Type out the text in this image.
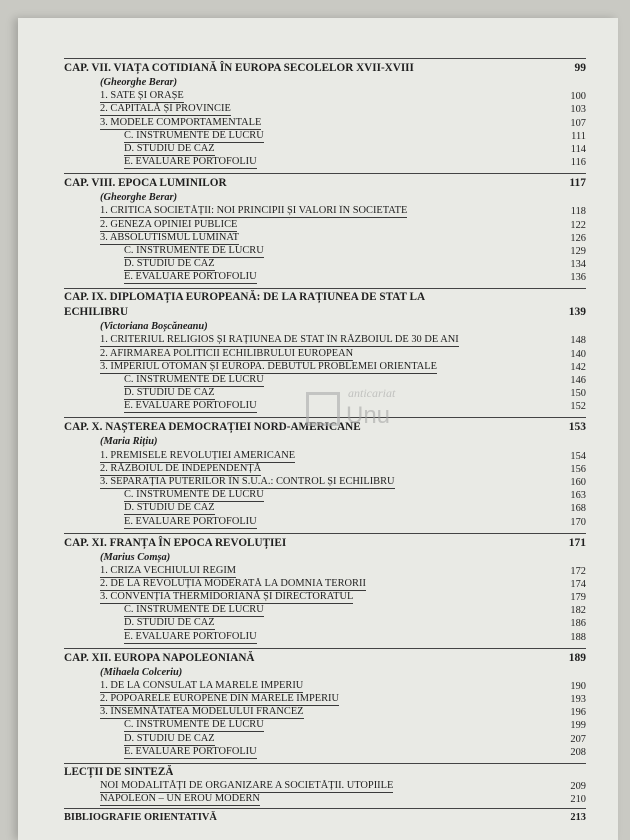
CAP. VII. VIAȚA COTIDIANĂ ÎN EUROPA SECOLELOR XVII-XVIII	99
(Gheorghe Berar)
1. SATE ȘI ORAȘE	100
2. CAPITALĂ ȘI PROVINCIE	103
3. MODELE COMPORTAMENTALE	107
C. INSTRUMENTE DE LUCRU	111
D. STUDIU DE CAZ	114
E. EVALUARE PORTOFOLIU	116
CAP. VIII. EPOCA LUMINILOR	117
(Gheorghe Berar)
1. CRITICA SOCIETĂȚII: NOI PRINCIPII ȘI VALORI ÎN SOCIETATE	118
2. GENEZA OPINIEI PUBLICE	122
3. ABSOLUTISMUL LUMINAT	126
C. INSTRUMENTE DE LUCRU	129
D. STUDIU DE CAZ	134
E. EVALUARE PORTOFOLIU	136
CAP. IX. DIPLOMAȚIA EUROPEANĂ: DE LA RAȚIUNEA DE STAT LA
ECHILIBRU	139
(Victoriana Boșcăneanu)
1. CRITERIUL RELIGIOS ȘI RAȚIUNEA DE STAT ÎN RĂZBOIUL DE 30 DE ANI	148
2. AFIRMAREA POLITICII ECHILIBRULUI EUROPEAN	140
3. IMPERIUL OTOMAN ȘI EUROPA. DEBUTUL PROBLEMEI ORIENTALE	142
C. INSTRUMENTE DE LUCRU	146
D. STUDIU DE CAZ	150
E. EVALUARE PORTOFOLIU	152
CAP. X. NAȘTEREA DEMOCRAȚIEI NORD-AMERICANE	153
(Maria Rițiu)
1. PREMISELE REVOLUȚIEI AMERICANE	154
2. RĂZBOIUL DE INDEPENDENȚĂ	156
3. SEPARAȚIA PUTERILOR ÎN S.U.A.: CONTROL ȘI ECHILIBRU	160
C. INSTRUMENTE DE LUCRU	163
D. STUDIU DE CAZ	168
E. EVALUARE PORTOFOLIU	170
CAP. XI. FRANȚA ÎN EPOCA REVOLUȚIEI	171
(Marius Comșa)
1. CRIZA VECHIULUI REGIM	172
2. DE LA REVOLUȚIA MODERATĂ LA DOMNIA TERORII	174
3. CONVENȚIA THERMIDORIANĂ ȘI DIRECTORATUL	179
C. INSTRUMENTE DE LUCRU	182
D. STUDIU DE CAZ	186
E. EVALUARE PORTOFOLIU	188
CAP. XII. EUROPA NAPOLEONIANĂ	189
(Mihaela Colceriu)
1. DE LA CONSULAT LA MARELE IMPERIU	190
2. POPOARELE EUROPENE DIN MARELE IMPERIU	193
3. ÎNSEMNĂTATEA MODELULUI FRANCEZ	196
C. INSTRUMENTE DE LUCRU	199
D. STUDIU DE CAZ	207
E. EVALUARE PORTOFOLIU	208
LECȚII DE SINTEZĂ
NOI MODALITĂȚI DE ORGANIZARE A SOCIETĂȚII. UTOPIILE	209
NAPOLEON – UN EROU MODERN	210
BIBLIOGRAFIE ORIENTATIVĂ	213
anticariat
Unu
